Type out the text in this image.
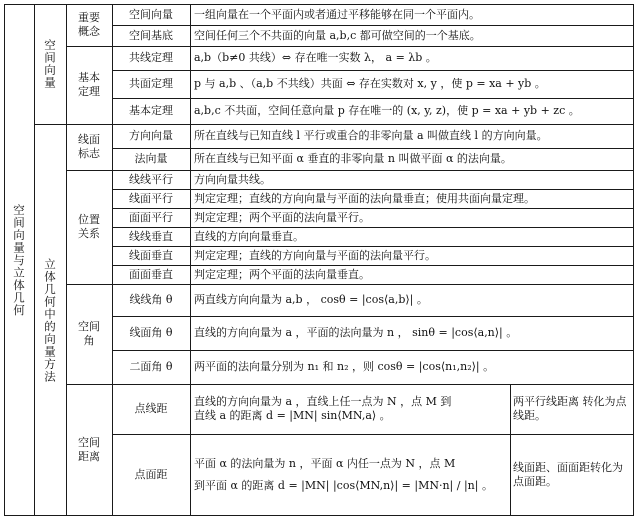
空间向量与立体几何
空间向量
立体几何中的向量方法
重要概念
基本定理
空间向量 一组向量在一个平面内或者通过平移能够在同一个平面内。
空间基底 空间任何三个不共面的向量 a,b,c 都可做空间的一个基底。
共线定理 a,b（b≠0 共线）⇔ 存在唯一实数 λ， a = λb 。
共面定理 p 与 a,b 、（a,b 不共线）共面 ⇔ 存在实数对 x, y ，使 p = xa + yb 。
基本定理 a,b,c 不共面，空间任意向量 p 存在唯一的 (x, y, z)，使 p = xa + yb + zc 。
线面标志
位置关系
空间角
空间距离
方向向量 所在直线与已知直线 l 平行或重合的非零向量 a 叫做直线 l 的方向向量。
法向量 所在直线与已知平面 α 垂直的非零向量 n 叫做平面 α 的法向量。
线线平行 方向向量共线。
线面平行 判定定理；直线的方向向量与平面的法向量垂直；使用共面向量定理。
面面平行 判定定理；两个平面的法向量平行。
线线垂直 直线的方向向量垂直。
线面垂直 判定定理；直线的方向向量与平面的法向量平行。
面面垂直 判定定理；两个平面的法向量垂直。
线线角 θ 两直线方向向量为 a,b ， cosθ = |cos⟨a,b⟩| 。
线面角 θ 直线的方向向量为 a ，平面的法向量为 n ， sinθ = |cos⟨a,n⟩| 。
二面角 θ 两平面的法向量分别为 n₁ 和 n₂ ，则 cosθ = |cos⟨n₁,n₂⟩| 。
点线距
直线的方向向量为 a ，直线上任一点为 N ，点 M 到
直线 a 的距离 d = |MN| sin⟨MN,a⟩ 。
两平行线距离 转化为点线距。
点面距
平面 α 的法向量为 n ，平面 α 内任一点为 N ，点 M
到平面 α 的距离 d = |MN| |cos⟨MN,n⟩| = |MN·n| / |n| 。
线面距、面面距转化为点面距。
